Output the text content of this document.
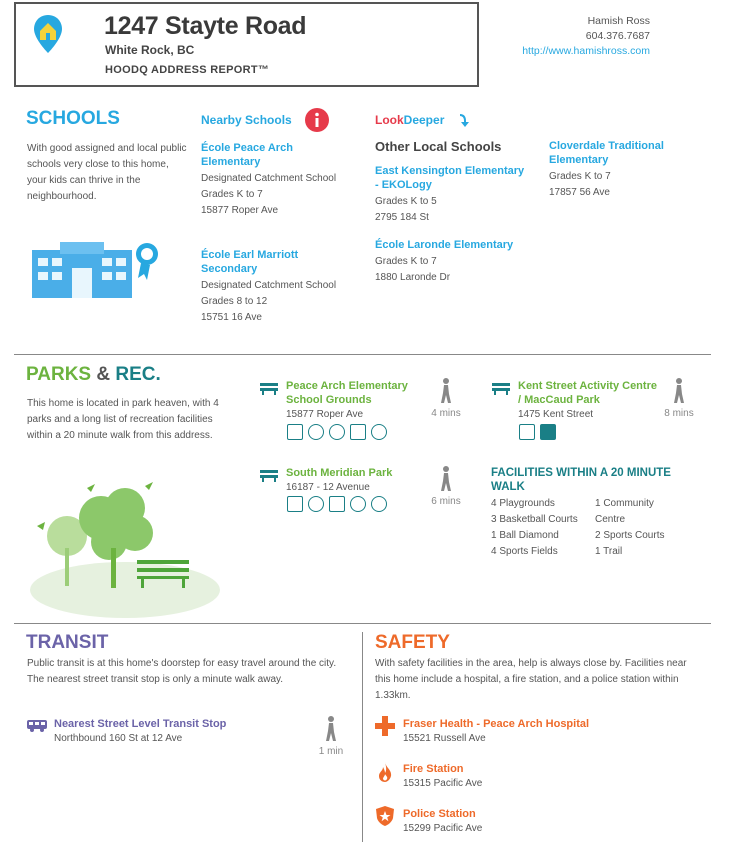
1247 Stayte Road
White Rock, BC
HOODQ ADDRESS REPORT™
Hamish Ross
604.376.7687
http://www.hamishross.com
SCHOOLS
With good assigned and local public schools very close to this home, your kids can thrive in the neighbourhood.
Nearby Schools
École Peace Arch Elementary
Designated Catchment School
Grades K to 7
15877 Roper Ave
École Earl Marriott Secondary
Designated Catchment School
Grades 8 to 12
15751 16 Ave
LookDeeper
Other Local Schools
East Kensington Elementary - EKOLogy
Grades K to 5
2795 184 St
École Laronde Elementary
Grades K to 7
1880 Laronde Dr
Cloverdale Traditional Elementary
Grades K to 7
17857 56 Ave
PARKS & REC.
This home is located in park heaven, with 4 parks and a long list of recreation facilities within a 20 minute walk from this address.
Peace Arch Elementary School Grounds
15877 Roper Ave	4 mins
Kent Street Activity Centre / MacCaud Park
1475 Kent Street	8 mins
South Meridian Park
16187 - 12 Avenue
6 mins
FACILITIES WITHIN A 20 MINUTE WALK
4 Playgrounds
3 Basketball Courts
1 Ball Diamond
4 Sports Fields
1 Community Centre
2 Sports Courts
1 Trail
TRANSIT
Public transit is at this home's doorstep for easy travel around the city. The nearest street transit stop is only a minute walk away.
Nearest Street Level Transit Stop
Northbound 160 St at 12 Ave
1 min
SAFETY
With safety facilities in the area, help is always close by. Facilities near this home include a hospital, a fire station, and a police station within 1.33km.
Fraser Health - Peace Arch Hospital
15521 Russell Ave
Fire Station
15315 Pacific Ave
Police Station
15299 Pacific Ave
